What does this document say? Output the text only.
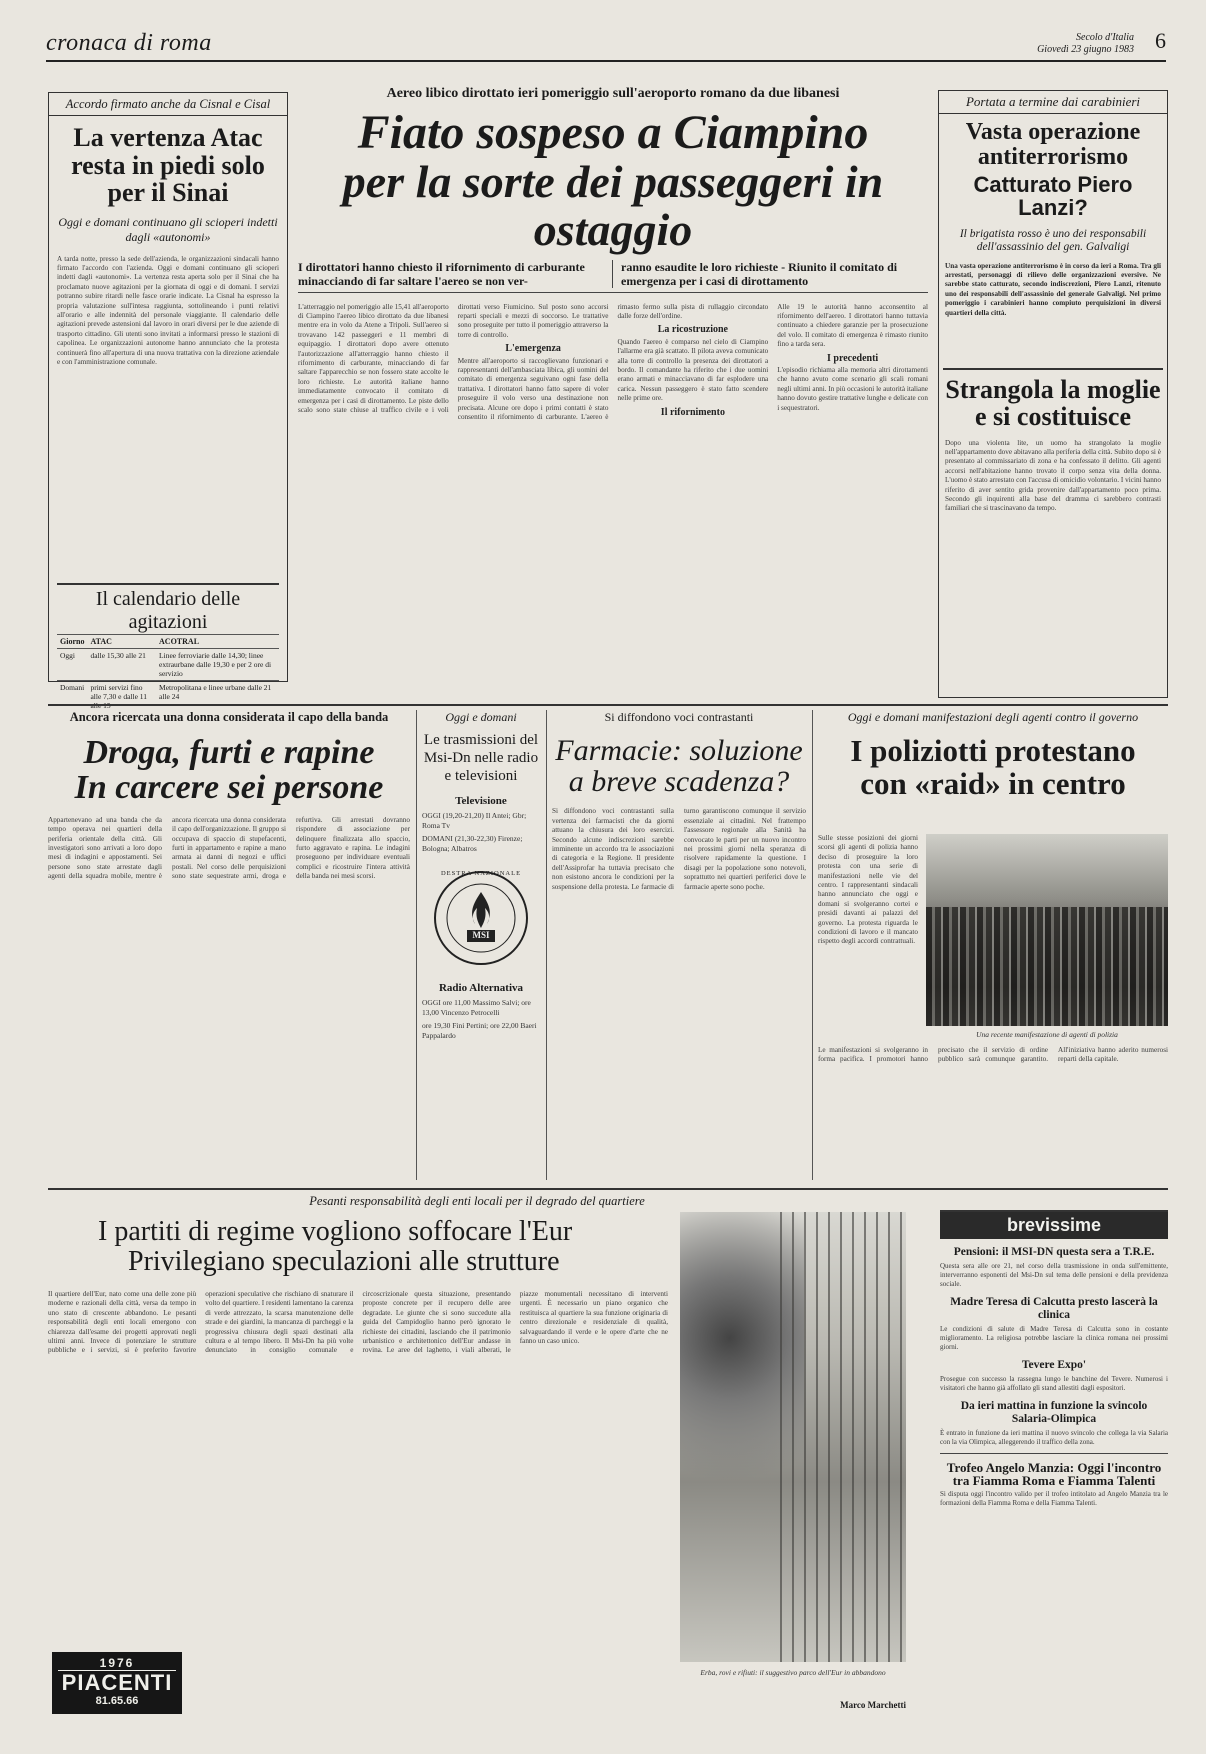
cronaca di roma	Secolo d'Italia
Giovedì 23 giugno 1983 6
Accordo firmato anche da Cisnal e Cisal
La vertenza Atac resta in piedi solo per il Sinai
Oggi e domani continuano gli scioperi indetti dagli «autonomi»
A tarda notte, presso la sede dell'azienda, le organizzazioni sindacali hanno firmato l'accordo con l'azienda. Oggi e domani continuano gli scioperi indetti dagli «autonomi». La vertenza resta aperta solo per il Sinai che ha proclamato nuove agitazioni per la giornata di oggi e di domani. I servizi potranno subire ritardi nelle fasce orarie indicate. La Cisnal ha espresso la propria valutazione sull'intesa raggiunta, sottolineando i punti relativi all'orario e alle indennità del personale viaggiante. Il calendario delle agitazioni prevede astensioni dal lavoro in orari diversi per le due aziende di trasporto cittadino. Gli utenti sono invitati a informarsi presso le stazioni di capolinea. Le organizzazioni autonome hanno annunciato che la protesta continuerà fino all'apertura di una nuova trattativa con la direzione aziendale e con l'amministrazione comunale.
Il calendario delle agitazioni
Giorno	ATAC	ACOTRAL
Oggi	dalle 15,30 alle 21	Linee ferroviarie dalle 14,30; linee extraurbane dalle 19,30 e per 2 ore di servizio
Domani	primi servizi fino alle 7,30 e dalle 11	Metropolitana e linee urbane dalle 21 alle 24
Aereo libico dirottato ieri pomeriggio sull'aeroporto romano da due libanesi
Fiato sospeso a Ciampino
per la sorte dei passeggeri in ostaggio
I dirottatori hanno chiesto il rifornimento di carburante minacciando di far saltare l'aereo se non ver-
ranno esaudite le loro richieste - Riunito il comitato di emergenza per i casi di dirottamento
L'atterraggio nel pomeriggio alle 15,41 all'aeroporto di Ciampino l'aereo libico dirottato da due libanesi mentre era in volo da Atene a Tripoli. Sull'aereo si trovavano 142 passeggeri e 11 membri di equipaggio. I dirottatori dopo avere ottenuto l'autorizzazione all'atterraggio hanno chiesto il rifornimento di carburante, minacciando di far saltare l'apparecchio se non fossero state accolte le loro richieste. Le autorità italiane hanno immediatamente convocato il comitato di emergenza per i casi di dirottamento. Le piste dello scalo sono state chiuse al traffico civile e i voli dirottati verso Fiumicino. Sul posto sono accorsi reparti speciali e mezzi di soccorso. Le trattative sono proseguite per tutto il pomeriggio attraverso la torre di controllo.
L'emergenza
Mentre all'aeroporto si raccoglievano funzionari e rappresentanti dell'ambasciata libica, gli uomini del comitato di emergenza seguivano ogni fase della trattativa. I dirottatori hanno fatto sapere di voler proseguire il volo verso una destinazione non precisata. Alcune ore dopo i primi contatti è stato consentito il rifornimento di carburante. L'aereo è rimasto fermo sulla pista di rullaggio circondato dalle forze dell'ordine.
La ricostruzione
Quando l'aereo è comparso nel cielo di Ciampino l'allarme era già scattato. Il pilota aveva comunicato alla torre di controllo la presenza dei dirottatori a bordo. Il comandante ha riferito che i due uomini erano armati e minacciavano di far esplodere una carica. Nessun passeggero è stato fatto scendere nelle prime ore.
Il rifornimento
Alle 19 le autorità hanno acconsentito al rifornimento dell'aereo. I dirottatori hanno tuttavia continuato a chiedere garanzie per la prosecuzione del volo. Il comitato di emergenza è rimasto riunito fino a tarda sera.
I precedenti
L'episodio richiama alla memoria altri dirottamenti che hanno avuto come scenario gli scali romani negli ultimi anni. In più occasioni le autorità italiane hanno dovuto gestire trattative lunghe e delicate con i sequestratori.
Portata a termine dai carabinieri
Vasta operazione antiterrorismo
Catturato Piero Lanzi?
Il brigatista rosso è uno dei responsabili dell'assassinio del gen. Galvaligi
Una vasta operazione antiterrorismo è in corso da ieri a Roma. Tra gli arrestati, personaggi di rilievo delle organizzazioni eversive. Ne sarebbe stato catturato, secondo indiscrezioni, Piero Lanzi, ritenuto uno dei responsabili dell'assassinio del generale Galvaligi. Nel primo pomeriggio i carabinieri hanno compiuto perquisizioni in diversi quartieri della città.
Strangola la moglie e si costituisce
Dopo una violenta lite, un uomo ha strangolato la moglie nell'appartamento dove abitavano alla periferia della città. Subito dopo si è presentato al commissariato di zona e ha confessato il delitto. Gli agenti accorsi nell'abitazione hanno trovato il corpo senza vita della donna. L'uomo è stato arrestato con l'accusa di omicidio volontario. I vicini hanno riferito di aver sentito grida provenire dall'appartamento poco prima. Secondo gli inquirenti alla base del dramma ci sarebbero contrasti familiari che si trascinavano da tempo.
Ancora ricercata una donna considerata il capo della banda
Droga, furti e rapine
In carcere sei persone
Appartenevano ad una banda che da tempo operava nei quartieri della periferia orientale della città. Gli investigatori sono arrivati a loro dopo mesi di indagini e appostamenti. Sei persone sono state arrestate dagli agenti della squadra mobile, mentre è ancora ricercata una donna considerata il capo dell'organizzazione. Il gruppo si occupava di spaccio di stupefacenti, furti in appartamento e rapine a mano armata ai danni di negozi e uffici postali. Nel corso delle perquisizioni sono state sequestrate armi, droga e refurtiva. Gli arrestati dovranno rispondere di associazione per delinquere finalizzata allo spaccio, furto aggravato e rapina. Le indagini proseguono per individuare eventuali complici e ricostruire l'intera attività della banda nei mesi scorsi.
Oggi e domani
Le trasmissioni del Msi-Dn nelle radio e televisioni
Televisione
OGGI (19,20-21,20) Il Antei; Gbr; Roma Tv
DOMANI (21,30-22,30) Firenze; Bologna; Albatros
DESTRA NAZIONALE
MSI
Radio Alternativa
OGGI ore 11,00 Massimo Salvi; ore 13,00 Vincenzo Petrocelli
ore 19,30 Fini Pertini; ore 22,00 Baeri Pappalardo
Si diffondono voci contrastanti
Farmacie: soluzione
a breve scadenza?
Si diffondono voci contrastanti sulla vertenza dei farmacisti che da giorni attuano la chiusura dei loro esercizi. Secondo alcune indiscrezioni sarebbe imminente un accordo tra le associazioni di categoria e la Regione. Il presidente dell'Assiprofar ha tuttavia precisato che non esistono ancora le condizioni per la sospensione della protesta. Le farmacie di turno garantiscono comunque il servizio essenziale ai cittadini. Nel frattempo l'assessore regionale alla Sanità ha convocato le parti per un nuovo incontro nei prossimi giorni nella speranza di risolvere rapidamente la questione. I disagi per la popolazione sono notevoli, soprattutto nei quartieri periferici dove le farmacie aperte sono poche.
Oggi e domani manifestazioni degli agenti contro il governo
I poliziotti protestano
con «raid» in centro
Sulle stesse posizioni dei giorni scorsi gli agenti di polizia hanno deciso di proseguire la loro protesta con una serie di manifestazioni nelle vie del centro. I rappresentanti sindacali hanno annunciato che oggi e domani si svolgeranno cortei e presidi davanti ai palazzi del governo. La protesta riguarda le condizioni di lavoro e il mancato rispetto degli accordi contrattuali.
Una recente manifestazione di agenti di polizia
Le manifestazioni si svolgeranno in forma pacifica. I promotori hanno precisato che il servizio di ordine pubblico sarà comunque garantito. All'iniziativa hanno aderito numerosi reparti della capitale.
Pesanti responsabilità degli enti locali per il degrado del quartiere
I partiti di regime vogliono soffocare l'Eur
Privilegiano speculazioni alle strutture
Il quartiere dell'Eur, nato come una delle zone più moderne e razionali della città, versa da tempo in uno stato di crescente abbandono. Le pesanti responsabilità degli enti locali emergono con chiarezza dall'esame dei progetti approvati negli ultimi anni. Invece di potenziare le strutture pubbliche e i servizi, si è preferito favorire operazioni speculative che rischiano di snaturare il volto del quartiere. I residenti lamentano la carenza di verde attrezzato, la scarsa manutenzione delle strade e dei giardini, la mancanza di parcheggi e la progressiva chiusura degli spazi destinati alla cultura e al tempo libero. Il Msi-Dn ha più volte denunciato in consiglio comunale e circoscrizionale questa situazione, presentando proposte concrete per il recupero delle aree degradate. Le giunte che si sono succedute alla guida del Campidoglio hanno però ignorato le richieste dei cittadini, lasciando che il patrimonio urbanistico e architettonico dell'Eur andasse in rovina. Le aree del laghetto, i viali alberati, le piazze monumentali necessitano di interventi urgenti. È necessario un piano organico che restituisca al quartiere la sua funzione originaria di centro direzionale e residenziale di qualità, salvaguardando il verde e le opere d'arte che ne fanno un caso unico.
Erba, rovi e rifiuti: il suggestivo parco dell'Eur in abbandono
Marco Marchetti
1976
PIACENTI
81.65.66
brevissime
Pensioni: il MSI-DN questa sera a T.R.E.
Questa sera alle ore 21, nel corso della trasmissione in onda sull'emittente, interverranno esponenti del Msi-Dn sul tema delle pensioni e della previdenza sociale.
Madre Teresa di Calcutta presto lascerà la clinica
Le condizioni di salute di Madre Teresa di Calcutta sono in costante miglioramento. La religiosa potrebbe lasciare la clinica romana nei prossimi giorni.
Tevere Expo'
Prosegue con successo la rassegna lungo le banchine del Tevere. Numerosi i visitatori che hanno già affollato gli stand allestiti dagli espositori.
Da ieri mattina in funzione la svincolo Salaria-Olimpica
È entrato in funzione da ieri mattina il nuovo svincolo che collega la via Salaria con la via Olimpica, alleggerendo il traffico della zona.
Trofeo Angelo Manzia: Oggi l'incontro tra Fiamma Roma e Fiamma Talenti
Si disputa oggi l'incontro valido per il trofeo intitolato ad Angelo Manzia tra le formazioni della Fiamma Roma e della Fiamma Talenti.
